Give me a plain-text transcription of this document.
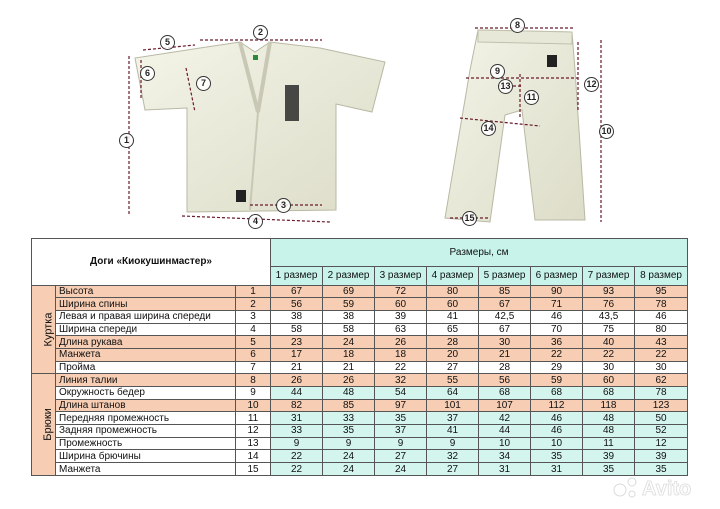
1
2
3
4
5
6
7
8
9
10
11
12
13
14
15
Доги «Киокушинмастер»			Размеры, см							
			1 размер	2 размер	3 размер	4 размер	5 размер	6 размер	7 размер	8 размер
Куртка	Высота	1	67	69	72	80	85	90	93	95
	Ширина спины	2	56	59	60	60	67	71	76	78
	Левая и правая ширина спереди	3	38	38	39	41	42,5	46	43,5	46
	Ширина спереди	4	58	58	63	65	67	70	75	80
	Длина рукава	5	23	24	26	28	30	36	40	43
	Манжета	6	17	18	18	20	21	22	22	22
	Пройма	7	21	21	22	27	28	29	30	30
Брюки	Линия талии	8	26	26	32	55	56	59	60	62
	Окружность бедер	9	44	48	54	64	68	68	68	78
	Длина штанов	10	82	85	97	101	107	112	118	123
	Передняя промежность	11	31	33	35	37	42	46	48	50
	Задняя промежность	12	33	35	37	41	44	46	48	52
	Промежность	13	9	9	9	9	10	10	11	12
	Ширина брючины	14	22	24	27	32	34	35	39	39
	Манжета	15	22	24	24	27	31	31	35	35
Avito
